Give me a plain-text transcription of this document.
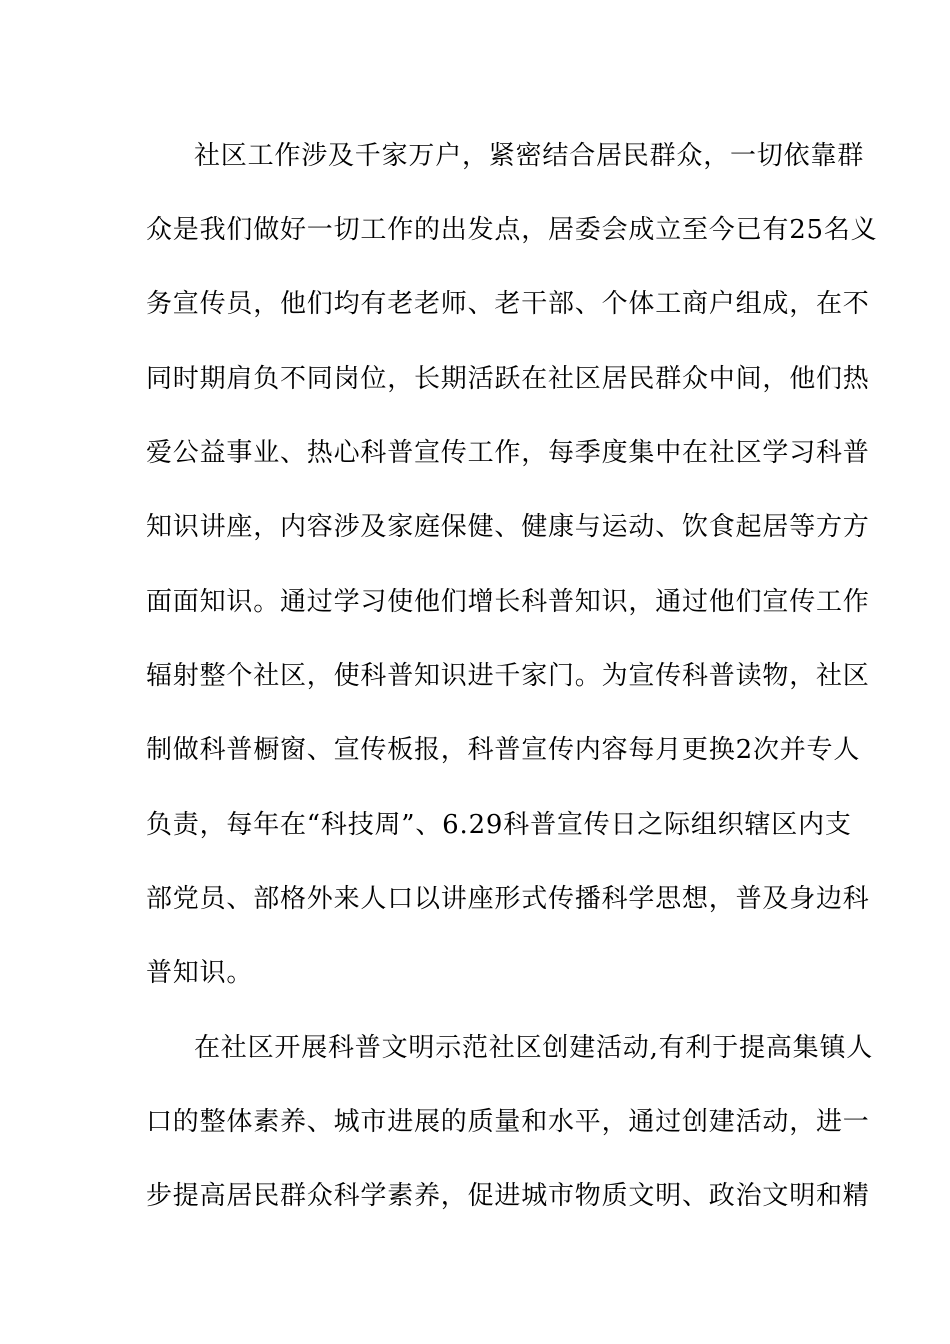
社区工作涉及千家万户，紧密结合居民群众，一切依靠群
众是我们做好一切工作的出发点，居委会成立至今已有25名义
务宣传员，他们均有老老师、老干部、个体工商户组成，在不
同时期肩负不同岗位，长期活跃在社区居民群众中间，他们热
爱公益事业、热心科普宣传工作，每季度集中在社区学习科普
知识讲座，内容涉及家庭保健、健康与运动、饮食起居等方方
面面知识。通过学习使他们增长科普知识，通过他们宣传工作
辐射整个社区，使科普知识进千家门。为宣传科普读物，社区
制做科普橱窗、宣传板报，科普宣传内容每月更换2次并专人
负责，每年在“科技周”、6.29科普宣传日之际组织辖区内支
部党员、部格外来人口以讲座形式传播科学思想，普及身边科
普知识。
在社区开展科普文明示范社区创建活动,有利于提高集镇人
口的整体素养、城市进展的质量和水平，通过创建活动，进一
步提高居民群众科学素养，促进城市物质文明、政治文明和精
